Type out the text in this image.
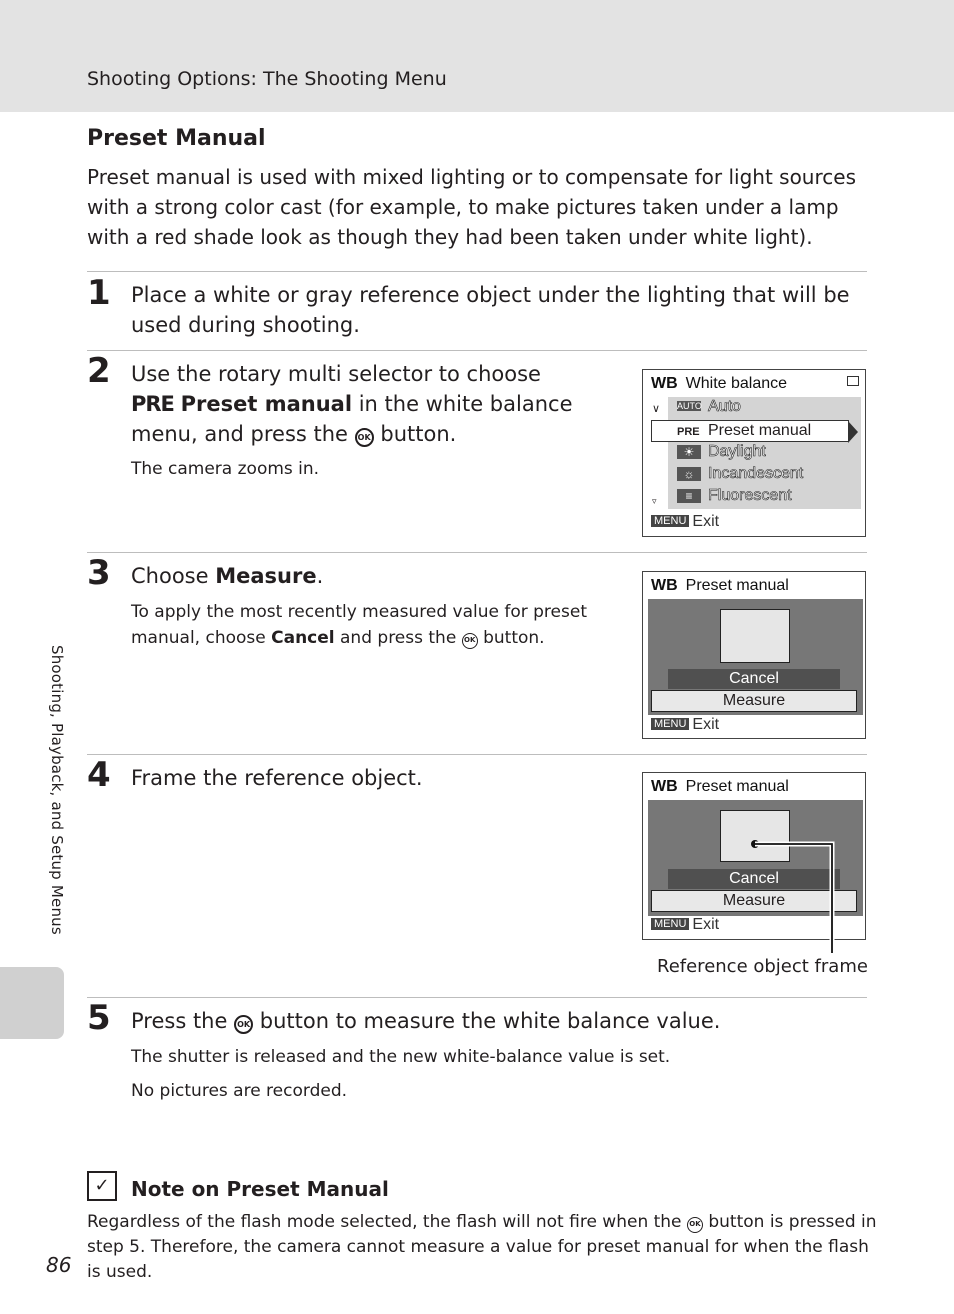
Shooting Options: The Shooting Menu
Shooting, Playback, and Setup Menus
86
Preset Manual
Preset manual is used with mixed lighting or to compensate for light sources with a strong color cast (for example, to make pictures taken under a lamp with a red shade look as though they had been taken under white light).
1 Place a white or gray reference object under the lighting that will be used during shooting.
2 Use the rotary multi selector to choose
PRE Preset manual in the white balance menu, and press the OK button.
The camera zooms in.
WB White balance
∨
▿
AUTO Auto
PRE Preset manual
☀ Daylight
☼ Incandescent
≡ Fluorescent
MENU Exit
3 Choose Measure.
To apply the most recently measured value for preset manual, choose Cancel and press the OK button.
WB Preset manual
Cancel
Measure
MENU Exit
4 Frame the reference object.	WB Preset manual
Cancel
Measure
MENU Exit
Reference object frame
5 Press the OK button to measure the white balance value.
The shutter is released and the new white-balance value is set.
No pictures are recorded.
✓	Note on Preset Manual
Regardless of the flash mode selected, the flash will not fire when the OK button is pressed in step 5. Therefore, the camera cannot measure a value for preset manual for when the flash is used.
